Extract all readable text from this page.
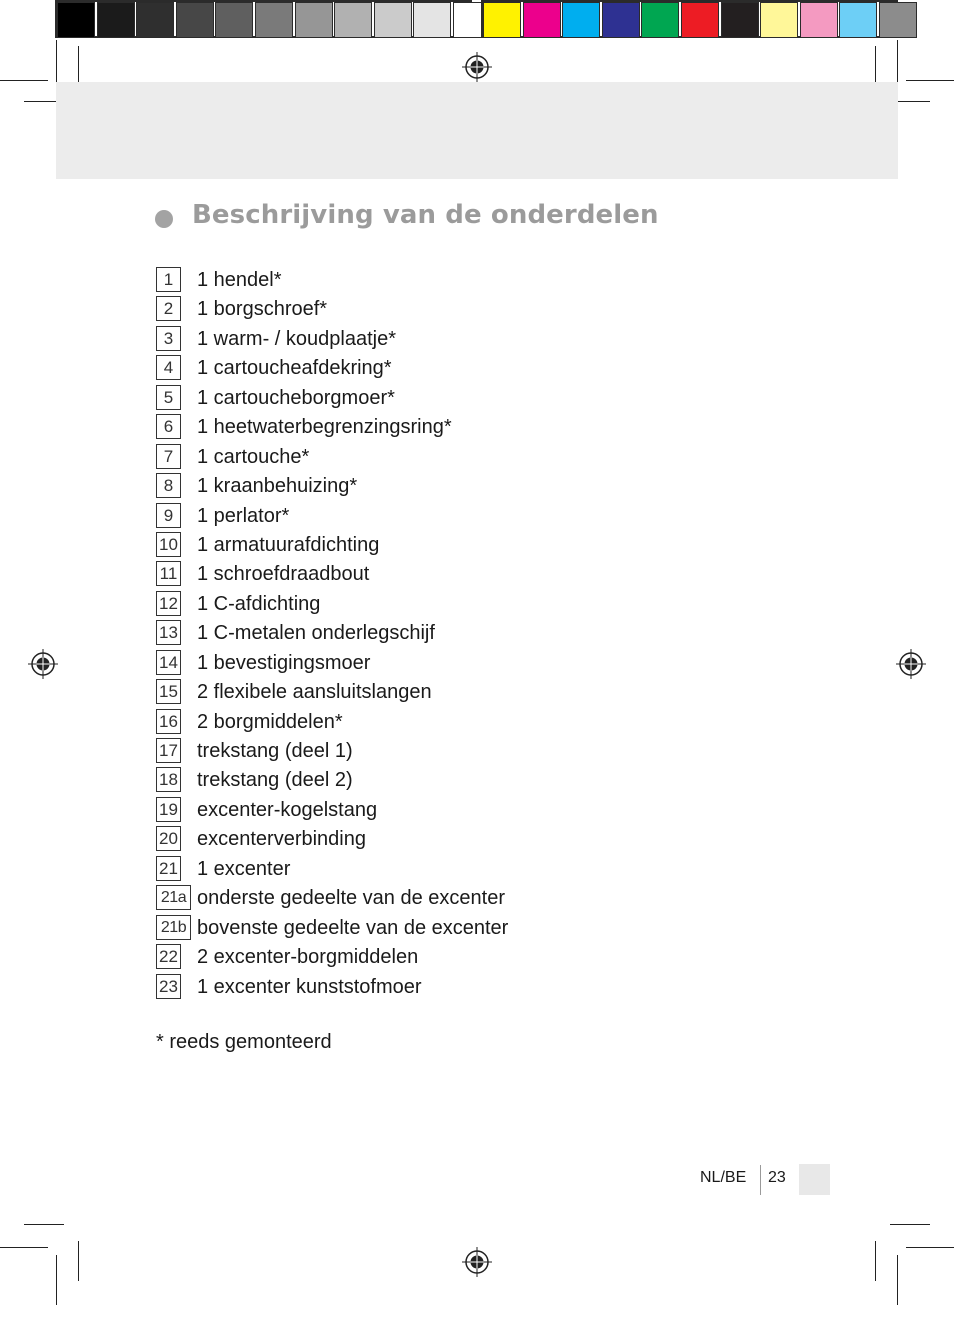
Beschrijving van de onderdelen
1	1 hendel*
2	1 borgschroef*
3	1 warm- / koudplaatje*
4	1 cartoucheafdekring*
5	1 cartoucheborgmoer*
6	1 heetwaterbegrenzingsring*
7	1 cartouche*
8	1 kraanbehuizing*
9	1 perlator*
10 1 armatuurafdichting
11 1 schroefdraadbout
12 1 C-afdichting
13 1 C-metalen onderlegschijf
14 1 bevestigingsmoer
15 2 flexibele aansluitslangen
16 2 borgmiddelen*
17 trekstang (deel 1)
18 trekstang (deel 2)
19 excenter-kogelstang
20 excenterverbinding
21 1 excenter
21a onderste gedeelte van de excenter
21b bovenste gedeelte van de excenter
22 2 excenter-borgmiddelen
23 1 excenter kunststofmoer
* reeds gemonteerd
NL/BE 23
